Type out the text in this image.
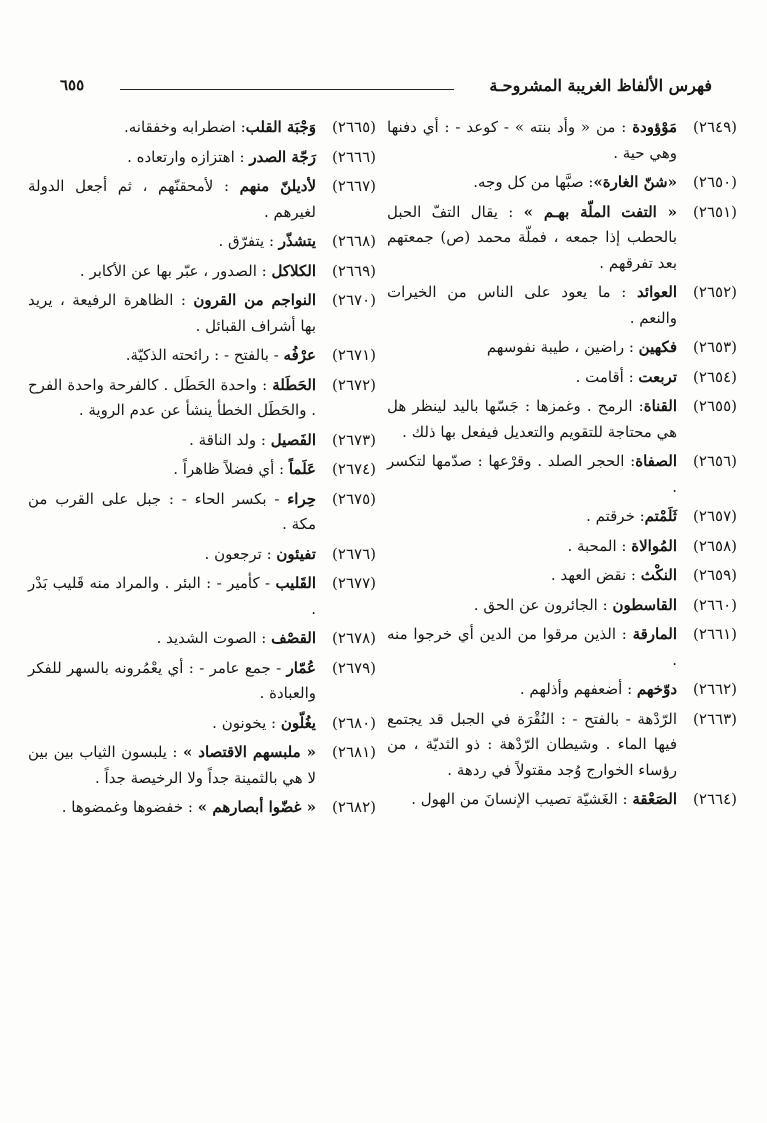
فهرس الألفاظ الغريبة المشروحـة
٦٥٥
(٢٦٤٩)
مَوْؤودة : من « وأد بنته » - كوعد - : أي دفنها وهي حية .
(٢٦٥٠)
«شنّ الغارة»: صبَّها من كل وجه.
(٢٦٥١)
« التفت الملّة بهـم » : يقال التفّ الحبل بالحطب إذا جمعه ، فملّة محمد (ص) جمعتهم بعد تفرقهم .
(٢٦٥٢)
العوائد : ما يعود على الناس من الخيرات والنعم .
(٢٦٥٣)
فكهين : راضين ، طيبة نفوسهم
(٢٦٥٤)
تربعت : أقامت .
(٢٦٥٥)
القناة: الرمح . وغمزها : جَسّها باليد لينظر هل هي محتاجة للتقويم والتعديل فيفعل بها ذلك .
(٢٦٥٦)
الصفاة: الحجر الصلد . وقرْعها : صدّمها لتكسر .
(٢٦٥٧)
ثَلَمْتم: خرقتم .
(٢٦٥٨)
المُوالاة : المحبة .
(٢٦٥٩)
النكْث : نقض العهد .
(٢٦٦٠)
القاسطون : الجائرون عن الحق .
(٢٦٦١)
المارقة : الذين مرقوا من الدين أي خرجوا منه .
(٢٦٦٢)
دوّخهم : أضعفهم وأذلهم .
(٢٦٦٣)
الرّدْهة - بالفتح - : النُقْرَة في الجبل قد يجتمع فيها الماء . وشيطان الرّدْهة : ذو الثديّة ، من رؤساء الخوارج وُجد مقتولاً في ردهة .
(٢٦٦٤)
الصَعْقة : الغَشيّة تصيب الإنسانَ من الهول .
(٢٦٦٥)
وَجْبَة القلب: اضطرابه وخفقانه.
(٢٦٦٦)
رَجّة الصدر : اهتزازه وارتعاده .
(٢٦٦٧)
لأديلنّ منهم : لأمحقنّهم ، ثم أجعل الدولة لغيرهم .
(٢٦٦٨)
يتشذّر : يتفرّق .
(٢٦٦٩)
الكلاكل : الصدور ، عبّر بها عن الأكابر .
(٢٦٧٠)
النواجم من القرون : الظاهرة الرفيعة ، يريد بها أشراف القبائل .
(٢٦٧١)
عرْفُه - بالفتح - : رائحته الذكيّة.
(٢٦٧٢)
الحَطَلة : واحدة الحَطَل . كالفرحة واحدة الفرح . والحَطَل الخطأ ينشأ عن عدم الروية .
(٢٦٧٣)
الفَصيل : ولد الناقة .
(٢٦٧٤)
عَلَماً : أي فضلاً ظاهراً .
(٢٦٧٥)
حِراء - بكسر الحاء - : جبل على القرب من مكة .
(٢٦٧٦)
تفيئون : ترجعون .
(٢٦٧٧)
القَليب - كأمير - : البئر . والمراد منه قَليب بَدْر .
(٢٦٧٨)
القصْف : الصوت الشديد .
(٢٦٧٩)
عُمّار - جمع عامر - : أي يعْمُرونه بالسهر للفكر والعبادة .
(٢٦٨٠)
يغُلّون : يخونون .
(٢٦٨١)
« ملبسهم الاقتصاد » : يلبسون الثياب بين بين لا هي بالثمينة جداً ولا الرخيصة جداً .
(٢٦٨٢)
« غضّوا أبصارهم » : خفضوها وغمضوها .
